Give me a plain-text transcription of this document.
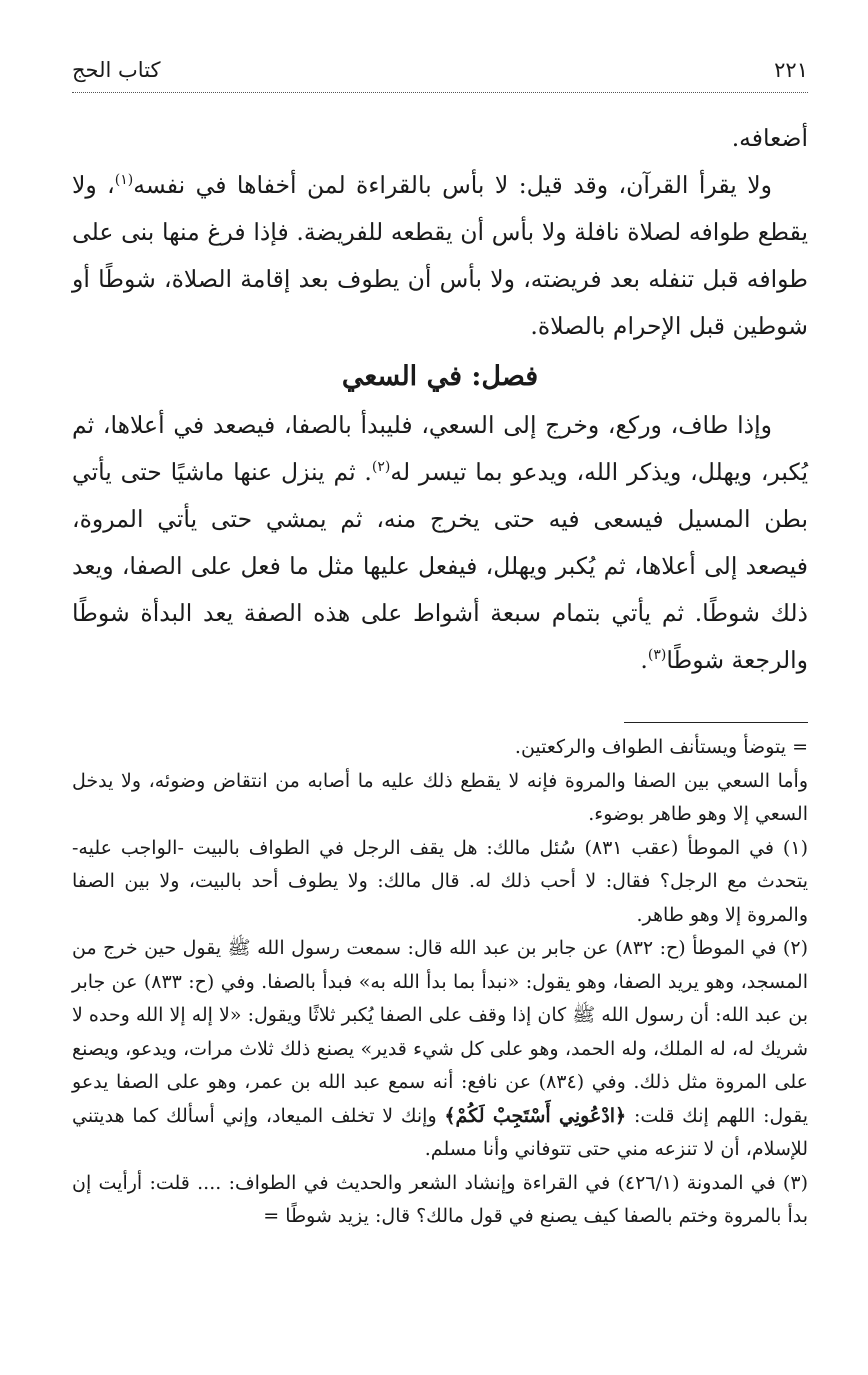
٢٢١
كتاب الحج

أضعافه.

ولا يقرأ القرآن، وقد قيل: لا بأس بالقراءة لمن أخفاها في نفسه$^{(١)}$، ولا يقطع طوافه لصلاة نافلة ولا بأس أن يقطعه للفريضة. فإذا فرغ منها بنى على طوافه قبل تنفله بعد فريضته، ولا بأس أن يطوف بعد إقامة الصلاة، شوطًا أو شوطين قبل الإحرام بالصلاة.

فصل: في السعي

وإذا طاف، وركع، وخرج إلى السعي، فليبدأ بالصفا، فيصعد في أعلاها، ثم يُكبر، ويهلل، ويذكر الله، ويدعو بما تيسر له$^{(٢)}$. ثم ينزل عنها ماشيًا حتى يأتي بطن المسيل فيسعى فيه حتى يخرج منه، ثم يمشي حتى يأتي المروة، فيصعد إلى أعلاها، ثم يُكبر ويهلل، فيفعل عليها مثل ما فعل على الصفا، ويعد ذلك شوطًا. ثم يأتي بتمام سبعة أشواط على هذه الصفة يعد البدأة شوطًا والرجعة شوطًا$^{(٣)}$.

= يتوضأ ويستأنف الطواف والركعتين.

وأما السعي بين الصفا والمروة فإنه لا يقطع ذلك عليه ما أصابه من انتقاض وضوئه، ولا يدخل السعي إلا وهو طاهر بوضوء.

(١) في الموطأ (عقب ٨٣١) سُئل مالك: هل يقف الرجل في الطواف بالبيت -الواجب عليه- يتحدث مع الرجل؟ فقال: لا أحب ذلك له. قال مالك: ولا يطوف أحد بالبيت، ولا بين الصفا والمروة إلا وهو طاهر.

(٢) في الموطأ (ح: ٨٣٢) عن جابر بن عبد الله قال: سمعت رسول الله ﷺ يقول حين خرج من المسجد، وهو يريد الصفا، وهو يقول: «نبدأ بما بدأ الله به» فبدأ بالصفا. وفي (ح: ٨٣٣) عن جابر بن عبد الله: أن رسول الله ﷺ كان إذا وقف على الصفا يُكبر ثلاثًا ويقول: «لا إله إلا الله وحده لا شريك له، له الملك، وله الحمد، وهو على كل شيء قدير» يصنع ذلك ثلاث مرات، ويدعو، ويصنع على المروة مثل ذلك. وفي (٨٣٤) عن نافع: أنه سمع عبد الله بن عمر، وهو على الصفا يدعو يقول: اللهم إنك قلت: ﴿ادْعُونِي أَسْتَجِبْ لَكُمْ﴾ وإنك لا تخلف الميعاد، وإني أسألك كما هديتني للإسلام، أن لا تنزعه مني حتى تتوفاني وأنا مسلم.

(٣) في المدونة (٤٢٦/١) في القراءة وإنشاد الشعر والحديث في الطواف: .... قلت: أرأيت إن بدأ بالمروة وختم بالصفا كيف يصنع في قول مالك؟ قال: يزيد شوطًا =
